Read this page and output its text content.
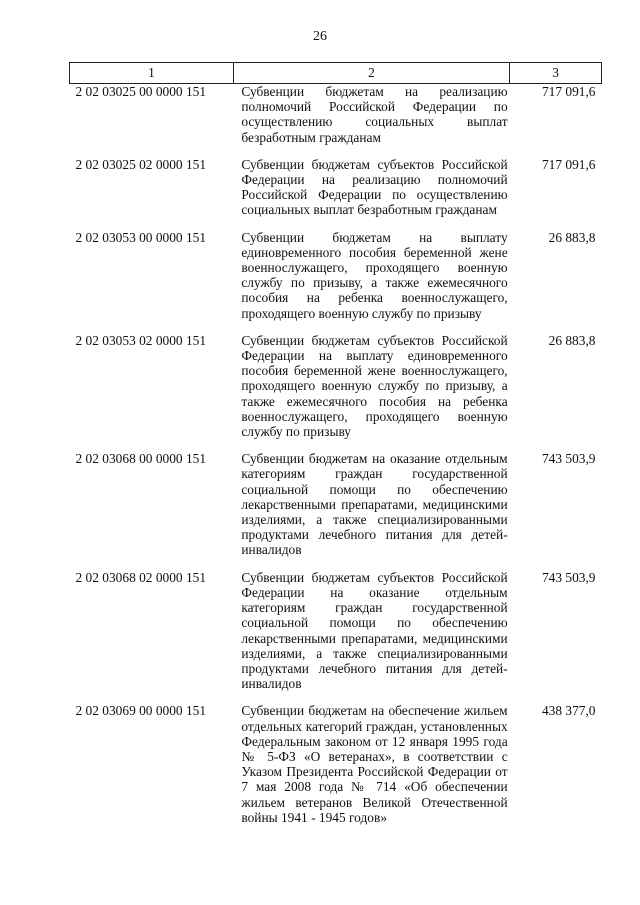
26
1	2	3
2 02 03025 00 0000 151	Субвенции бюджетам на реализацию полномочий Российской Федерации по осуществлению социальных выплат безработным гражданам	717 091,6
2 02 03025 02 0000 151	Субвенции бюджетам субъектов Российской Федерации на реализацию полномочий Российской Федерации по осуществлению социальных выплат безработным гражданам	717 091,6
2 02 03053 00 0000 151	Субвенции бюджетам на выплату единовременного пособия беременной жене военнослужащего, проходящего военную службу по призыву, а также ежемесячного пособия на ребенка военнослужащего, проходящего военную службу по призыву	26 883,8
2 02 03053 02 0000 151	Субвенции бюджетам субъектов Российской Федерации на выплату единовременного пособия беременной жене военнослужащего, проходящего военную службу по призыву, а также ежемесячного пособия на ребенка военнослужащего, проходящего военную службу по призыву	26 883,8
2 02 03068 00 0000 151	Субвенции бюджетам на оказание отдельным категориям граждан государственной социальной помощи по обеспечению лекарственными препаратами, медицинскими изделиями, а также специализированными продуктами лечебного питания для детей-инвалидов	743 503,9
2 02 03068 02 0000 151	Субвенции бюджетам субъектов Российской Федерации на оказание отдельным категориям граждан государственной социальной помощи по обеспечению лекарственными препаратами, медицинскими изделиями, а также специализированными продуктами лечебного питания для детей-инвалидов	743 503,9
2 02 03069 00 0000 151	Субвенции бюджетам на обеспечение жильем отдельных категорий граждан, установленных Федеральным законом от 12 января 1995 года № 5-ФЗ «О ветеранах», в соответствии с Указом Президента Российской Федерации от 7 мая 2008 года № 714 «Об обеспечении жильем ветеранов Великой Отечественной войны 1941 - 1945 годов»	438 377,0
